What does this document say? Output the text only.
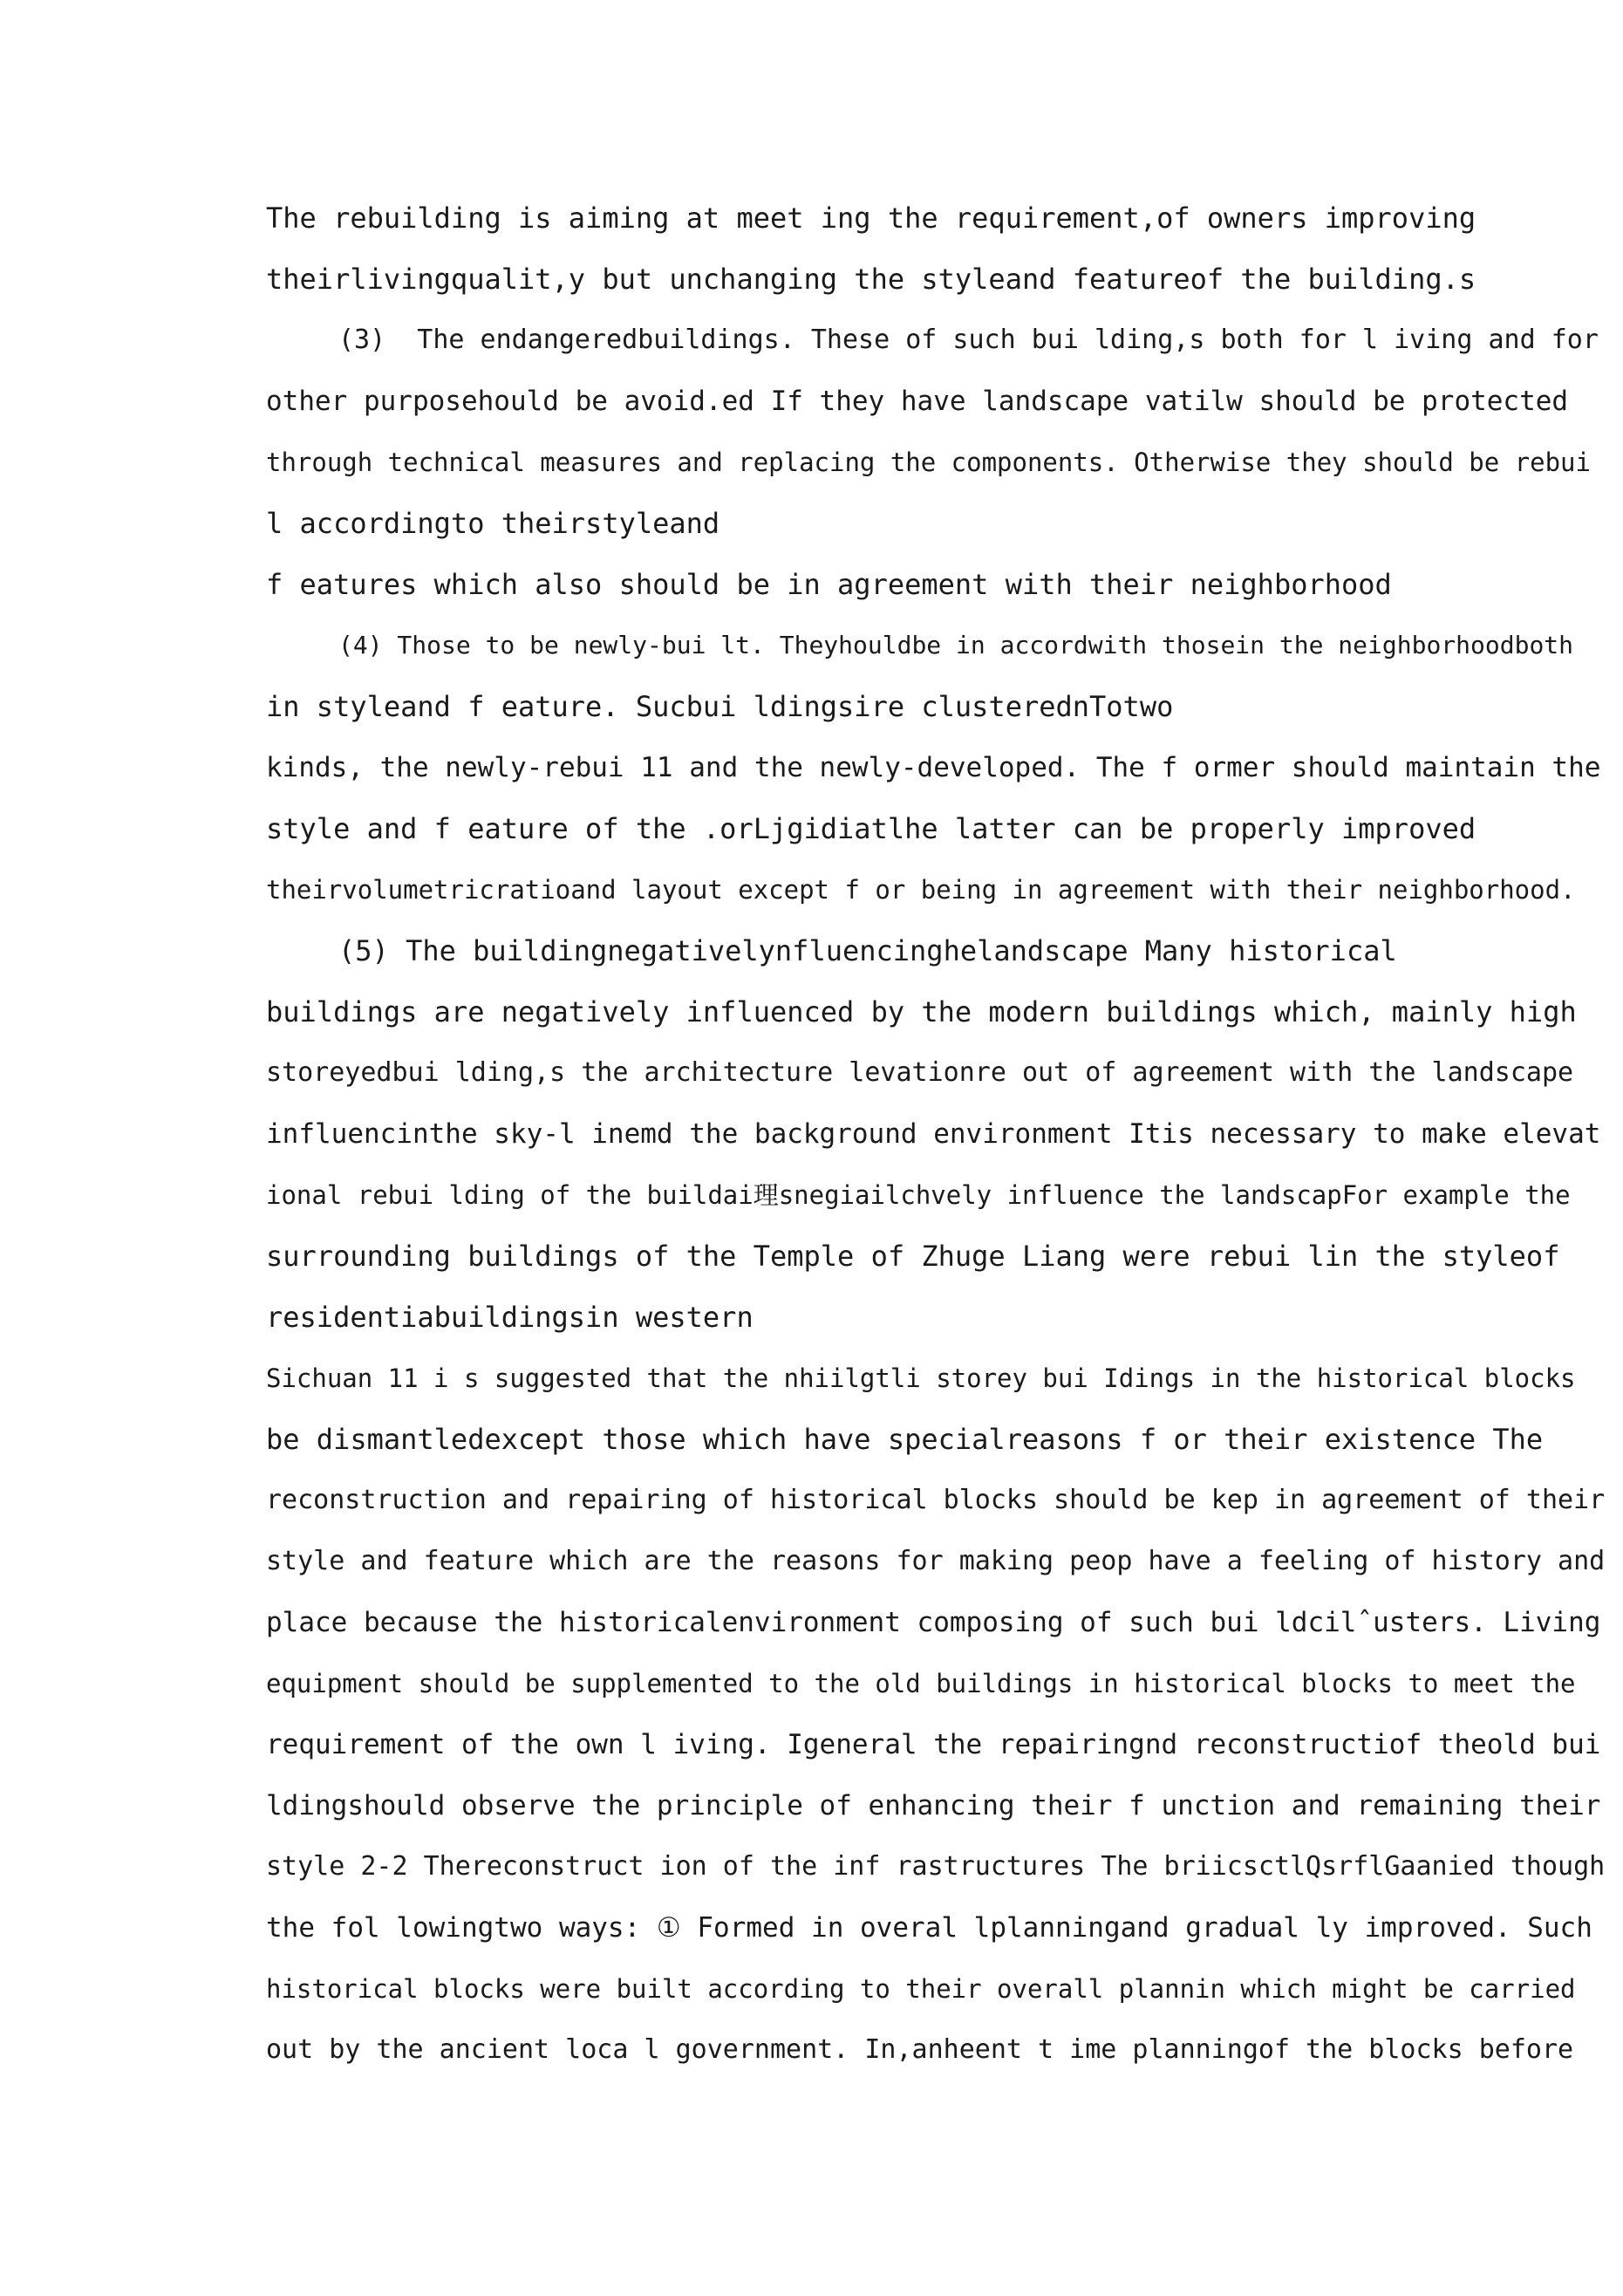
The rebuilding is aiming at meet ing the requirement,of owners improving
theirlivingqualit,y but unchanging the styleand featureof the building.s
(3)  The endangeredbuildings. These of such bui lding,s both for l iving and for
other purposehould be avoid.ed If they have landscape vatilw should be protected
through technical measures and replacing the components. Otherwise they should be rebui
l accordingto theirstyleand
f eatures which also should be in agreement with their neighborhood
(4) Those to be newly-bui lt. Theyhouldbe in accordwith thosein the neighborhoodboth
in styleand f eature. Sucbui ldingsire clusterednTotwo
kinds, the newly-rebui 11 and the newly-developed. The f ormer should maintain the
style and f eature of the .orLjgidiatlhe latter can be properly improved
theirvolumetricratioand layout except f or being in agreement with their neighborhood.
(5) The buildingnegativelynfluencinghelandscape Many historical
buildings are negatively influenced by the modern buildings which, mainly high
storeyedbui lding,s the architecture levationre out of agreement with the landscape
influencinthe sky-l inemd the background environment Itis necessary to make elevat
ional rebui lding of the buildai理snegiailchvely influence the landscapFor example the
surrounding buildings of the Temple of Zhuge Liang were rebui lin the styleof
residentiabuildingsin western
Sichuan 11 i s suggested that the nhiilgtli storey bui Idings in the historical blocks
be dismantledexcept those which have specialreasons f or their existence The
reconstruction and repairing of historical blocks should be kep in agreement of their
style and feature which are the reasons for making peop have a feeling of history and
place because the historicalenvironment composing of such bui ldcilˆusters. Living
equipment should be supplemented to the old buildings in historical blocks to meet the
requirement of the own l iving. Igeneral the repairingnd reconstructiof theold bui
ldingshould observe the principle of enhancing their f unction and remaining their
style 2-2 Thereconstruct ion of the inf rastructures The briicsctlQsrflGaanied though
the fol lowingtwo ways: ① Formed in overal lplanningand gradual ly improved. Such
historical blocks were built according to their overall plannin which might be carried
out by the ancient loca l government. In,anheent t ime planningof the blocks before
